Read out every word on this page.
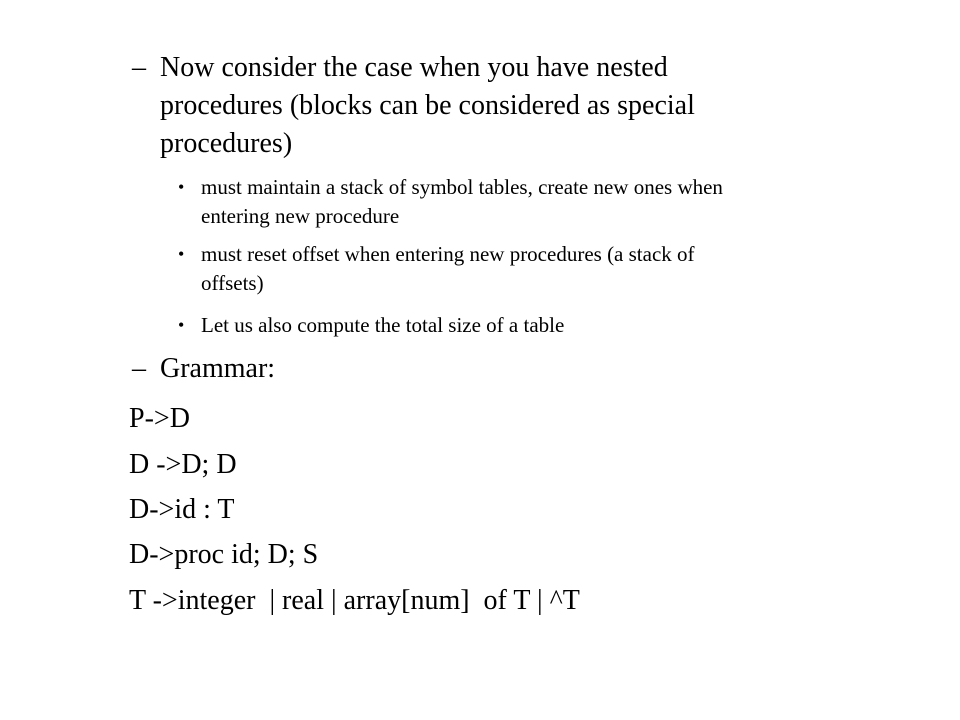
– Now consider the case when you have nested
procedures (blocks can be considered as special
procedures)
• must maintain a stack of symbol tables, create new ones when
entering new procedure
• must reset offset when entering new procedures (a stack of
offsets)
• Let us also compute the total size of a table
– Grammar:
P->D
D ->D; D
D->id : T
D->proc id; D; S
T ->integer  | real | array[num]  of T | ^T
